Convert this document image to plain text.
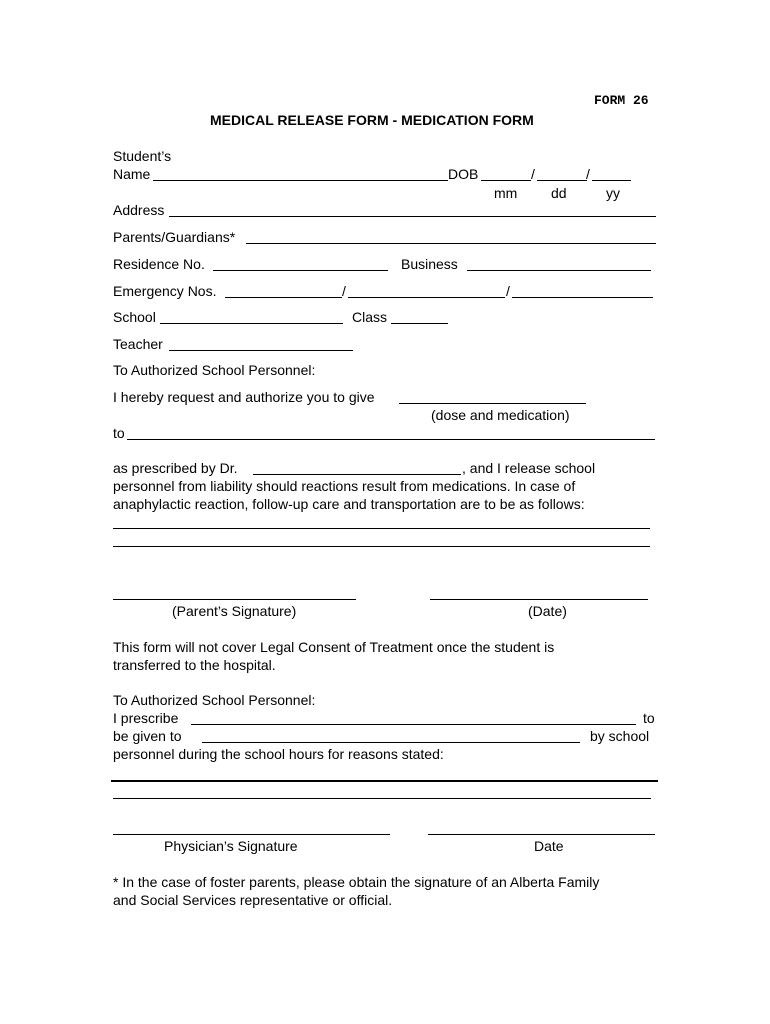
FORM 26
MEDICAL RELEASE FORM - MEDICATION FORM
Student’s
Name	DOB	/	/
mm dd	yy
Address
Parents/Guardians*
Residence No.	Business
Emergency Nos.	/	/
School	Class
Teacher
To Authorized School Personnel:
I hereby request and authorize you to give
(dose and medication)
to
as prescribed by Dr.	, and I release school
personnel from liability should reactions result from medications. In case of
anaphylactic reaction, follow-up care and transportation are to be as follows:
(Parent’s Signature)	(Date)
This form will not cover Legal Consent of Treatment once the student is
transferred to the hospital.
To Authorized School Personnel:
I prescribe	to
be given to	by school
personnel during the school hours for reasons stated:
Physician’s Signature	Date
* In the case of foster parents, please obtain the signature of an Alberta Family
and Social Services representative or official.
